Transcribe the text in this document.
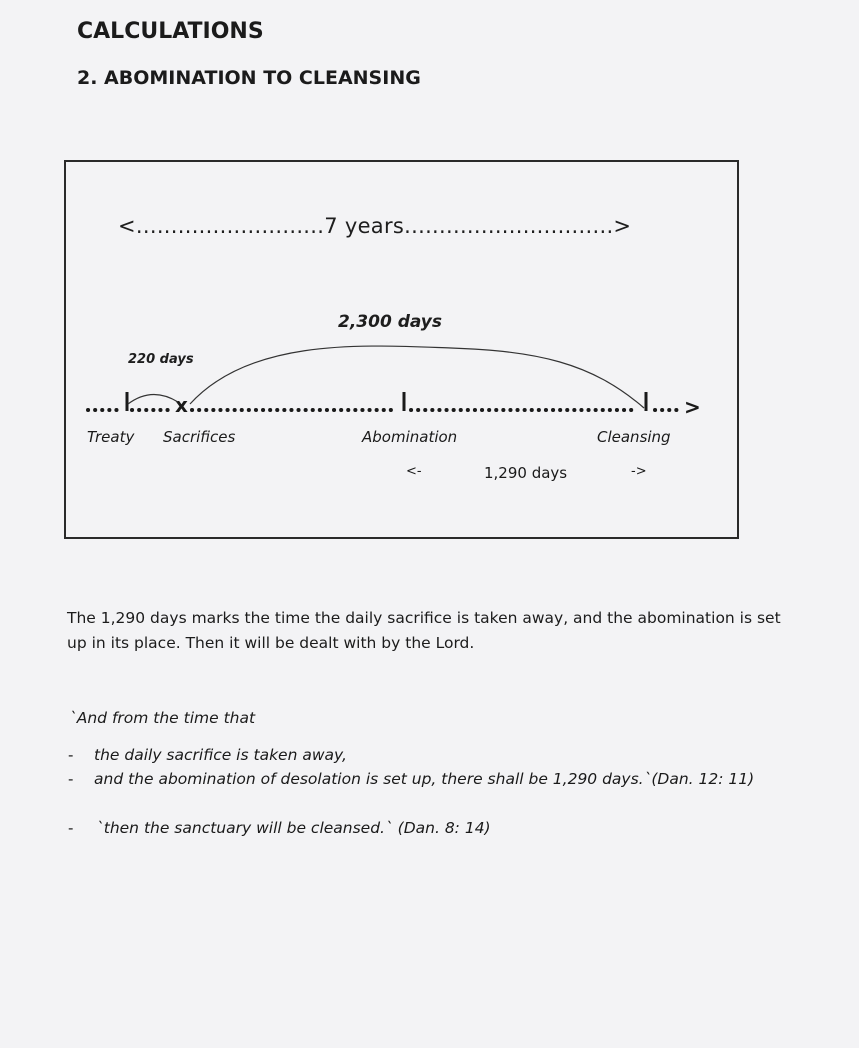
CALCULATIONS
2. ABOMINATION TO CLEANSING
<...........................7 years..............................>
2,300 days
220 days
x	>
Treaty Sacrifices	Abomination	Cleansing
<-	1,290 days	->
The 1,290 days marks the time the daily sacrifice is taken away, and the abomination is set up in its place. Then it will be dealt with by the Lord.
`And from the time that
- the daily sacrifice is taken away,
- and the abomination of desolation is set up, there shall be 1,290 days.`(Dan. 12: 11)
- `then the sanctuary will be cleansed.` (Dan. 8: 14)
